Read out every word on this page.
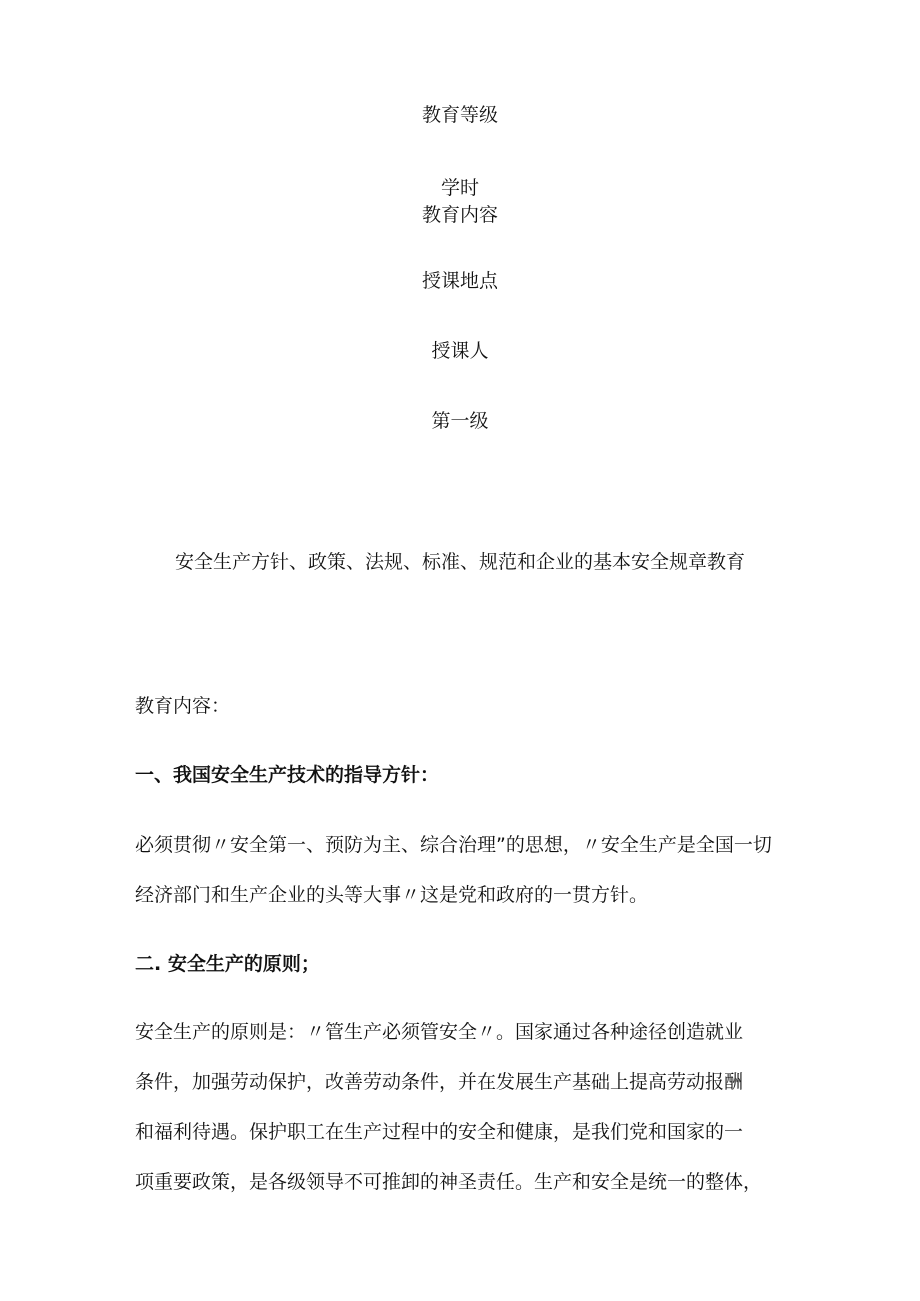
教育等级
学时
教育内容
授课地点
授课人
第一级
安全生产方针、政策、法规、标准、规范和企业的基本安全规章教育
教育内容：
一、我国安全生产技术的指导方针：
必须贯彻〃安全第一、预防为主、综合治理”的思想，〃安全生产是全国一切
经济部门和生产企业的头等大事〃这是党和政府的一贯方针。
二. 安全生产的原则；
安全生产的原则是：〃管生产必须管安全〃。国家通过各种途径创造就业
条件，加强劳动保护，改善劳动条件，并在发展生产基础上提高劳动报酬
和福利待遇。保护职工在生产过程中的安全和健康，是我们党和国家的一
项重要政策，是各级领导不可推卸的神圣责任。生产和安全是统一的整体，
